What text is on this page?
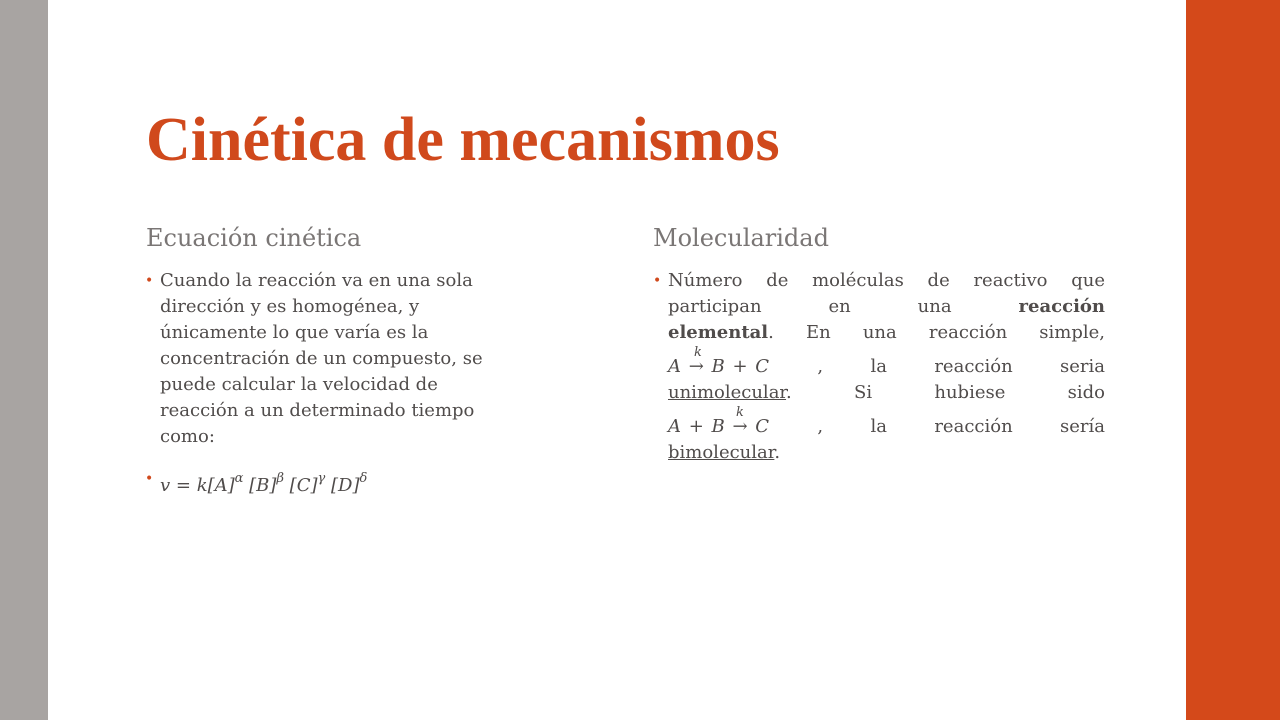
Cinética de mecanismos
Ecuación cinética	Molecularidad
• Cuando la reacción va en una sola
dirección y es homogénea, y
únicamente lo que varía es la
concentración de un compuesto, se
puede calcular la velocidad de
reacción a un determinado tiempo
como:
• 𝑣 = 𝑘[𝐴]$^𝛼$ [𝐵]$^𝛽$ [𝐶]$^𝛾$ [𝐷]$^𝛿$
• Número de moléculas de reactivo que
participan en una	reacción
elemental. En una reacción simple,
𝑘
𝐴 → 𝐵 + 𝐶	, la reacción seria
unimolecular. Si hubiese sido
𝑘
𝐴 + 𝐵 → 𝐶	, la reacción sería
bimolecular.
